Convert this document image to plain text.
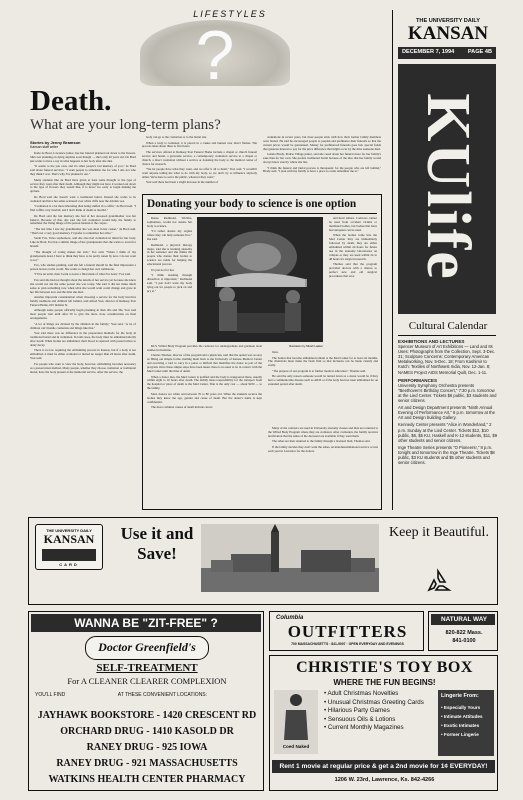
LIFESTYLES
?
Death.
What are your long-term plans?
Stories by Jenny Bramson
Kansan staff writer

Katie de Bord, Lawrence junior, has her funeral planned out down to the flowers. She's not planning on dying anytime soon though — she's only 20 years old. De Bord just wants to have a say in what happens to her body after she dies.

"It seems to me you own, and it's other people's last memory of you," de Bord said about funeral services. "I want people to remember me for who I am, not who they think I was. That's why I've planned it out."

Many students like de Bord have given at least some thought to the type of service they want after their death. Although they might not have it worked out down to the type of flowers they would like, it is never too early to begin making the options.

De Bord said she doesn't want a traditional burial. Instead she wants to be cremated and have her ashes scattered over white cliffs near the Atlantic sea.

"Cremation is a lot more liberating than being stuffed in a coffin," de Bord said. "I find coffins very morbid, and I don't think of death as morbid."

De Bord said the last memory she had of her deceased grandmother was her funeral. Because of this, she said she felt cremation would help the family to remember the living image of the person instead of the corpse.

"The last time I saw my grandmother she was dead in her casket," de Bord said. "That's not a very good memory. I'd prefer to remember her alive."

Sarah Fox, Tulsa sophomore, said she also had cremation in mind for her body. Like de Bord, Fox has a similar image of her grandparents that she wants to avoid for herself.

"The thought of voting makes me sick," Fox said. "When I think of my grandparents dead, I have to think they have to be pretty rotten by now. I do not want to rot."

Fox, who studies painting, said she felt a funeral should be the final impression a person leaves on the world. She wants to design her own tombstone.

"I'll be an artist, then I want to leave a final mark of what I've been," Fox said.

Fox said she had not thought about the details of her service yet because she knew she would not die the same person she was today. She said it did not make much sense to plan something now when what she would want could change and grow in her life between now and the time she died.

Another important consideration when choosing a service for the body involves family traditions and children left behind, said Alfred Yost, director of Rumsey-Yost Funeral Home, 601 Indiana St.

Although some people officially begin planning in their 20s and 30s, Yost said most people wait until after 50 to give the more close consideration on final arrangements.

"A lot of things are dictated by the children in the family," Yost said. "A lot of children can't handle cremation and things like that."

Yost said there was no difference in the preparation methods for the body in traditional burial and in cremation. In both cases, the body must be embalmed shortly after death. When bodies are embalmed, their blood is replaced with preservatives to delay decay.

There is no law requiring the embalming process in Kansas, but if a body is not embalmed, it must be either cremated or buried no longer than 24 hours after death, Yost said.

For people who want to view the body, however, embalming becomes necessary as a preservation method. Many people, whether they choose cremation or traditional burial, have the body present at the memorial service. After the service, the

body can go to the cremation or to the burial site.

When a body is cremated, it is placed in a casket and burned over direct flames. The process takes about three to five hours.

The services offered at Rumsey-Yost Funeral Home include a chapel or church funeral service and burial, a graveside service, a contemporary cremation service at a chapel or church, a direct cremation without a service or donating the body to the medical center of choice for research.

"We let people have what they want, and we offer it all to them," Yost said. "I wouldn't want anyone telling me what to do with my body, so we don't try to influence anybody either. We're here to serve the public, whatever they want."

Yost said there had been a slight increase in the number of

cremations in recent years, but most people stick with how their former family members were buried. He said he encouraged people to preplan and prefinance their funerals so that the current prices would be guaranteed. Money for prefinanced funerals goes into special funds that generate interest to pay for the price difference that might occur by the time someone died.

Joanna Brady, Prairie Village junior, said she cared about her funeral more for her family's sake than for her own. She prefers traditional burial because of the idea that her family would always know exactly where she lies.

"I think the funeral and burial process is therapeutic for the people who are left behind," Brady said. "I plan with my family to have a place to come remember me at."

Donating your body to science is one option

Renee Redmond, Wichita, sophomore, would not donate her body to science.

"I'd rather donate my organs where they can help someone live," she said.

Redmond, a physical therapy major, said she is learning anatomy in her semester and she thinks the people who donate their bodies to science are noble for helping the educational process.

It's just not for her.

"I think learning through dissection is important," Redmond said. "I just don't want my body lying out for people to pick on and pry at."

Illustration by Micah Laaker

and heart failure. Cadavers cannot be used from accident victims or mutilated bodies, but bodies that have had autopsies can be used.

When the bodies come into the Med Center they are immediately followed by death, they are either embalmed within 24 hours for future use in the anatomy laboratories on campus or they are used within 24 to 48 hours for surgical research.

Thomas said that the program provided doctors with a chance to perfect new and old surgical procedures that save

KU's Willed Body Program provides the cadavers for undergraduate and graduate level studies in medicine.

Charles Thomas, director of the program and a physician, said that the option was as easy as filling out simple forms, mailing them back to the University of Kansas Medical Center and receiving a card to carry in a purse or billfold that identifies the donor as part of the program. Once these simple steps have been taken, there is no need to be in contact with the Med Center until the time of death.

When a donor dies, the Med Center is notified and the body is transported there, usually within eight to 10 hours after death. The family takes responsibility for the transport from the hospital or place of death to the Med Center. That is the only cost — about $100 — to the family.

Most donors are white and between 70 to 80 years old. When the students receive the bodies they know the age, gender and cause of death. But the donor's name is kept confidential.

The most common causes of death include cancer

lives.

The bodies that become embalmed remain at the Med Center for at least six months. The chemicals must make the flesh firm so that incisions can be made cleanly and easily.

"The purpose of our program is to further medical education," Thomas said.

He said the only reason someone would be turned down as a donor would be if they had a communicable disease such as AIDS or if the body had not been embalmed for an extended period after death.

Many of the cadavers are used in University anatomy classes and then are returned to the Willed Body Program where they are cremated. After cremation, the family receives notification that the ashes of the deceased are available if they want them.

The ashes are then returned to the family through a licensed mail, Thomas said.

If the family decides they don't want the ashes, an interdenominational service occurs each year in Lawrence for the donors.

THE UNIVERSITY DAILY
KANSAN
DECEMBER 7, 1994 PAGE 4B
KUlife
Cultural Calendar
EXHIBITIONS AND LECTURES
Spencer Museum of Art Exhibitions — Land and Its Uses: Photographs from the Collection, Sept. 3-Dec. 31; Sculpture Concerns: Contemporary American Metalworking, Nov. 5-Dec. 18; From Kashimir to Kutch: Textiles of Northwest India, Nov. 12-Jan. 8; NAMES Project AIDS Memorial Quilt, Dec. 1-11.
PERFORMANCES
University Symphony Orchestra presents "Beethoven's Birthday Concert," 7:30 p.m. tomorrow at the Lied Center. Tickets $6 public, $3 students and senior citizens.
Art and Design Department presents "Ninth Annual Evening of Performance Art," 8 p.m. tomorrow at the Art and Design building Gallery.
Kennedy Center presents "Alice in Wonderland," 2 p.m. Sunday at the Lied Center. Tickets $12, $10 public, $6, $5 KU, Haskell and K-12 students, $11, $9 other students and senior citizens.
Inge Theatre Series presents "O Pioneers!," 8 p.m. tonight and tomorrow in the Inge Theatre. Tickets $8 public, $3 KU students and $5 other students and senior citizens.
THE UNIVERSITY DAILY
KANSAN
CARD
Use it and Save!
Keep it Beautiful.
WANNA BE "ZIT-FREE" ?
Doctor Greenfield's
SELF-TREATMENT
For A CLEANER CLEARER COMPLEXION
YOU'LL FIND	AT THESE CONVENIENT LOCATIONS:
JAYHAWK BOOKSTORE - 1420 CRESCENT RD
ORCHARD DRUG - 1410 KASOLD DR
RANEY DRUG - 925 IOWA
RANEY DRUG - 921 MASSACHUSETTS
WATKINS HEALTH CENTER PHARMACY
Columbia
OUTFITTERS
700 MASSACHUSETTS · 841-9007 · OPEN EVERYDAY AND EVENINGS
NATURAL WAY
820-822 Mass.
841-0100
CHRISTIE'S TOY BOX
WHERE THE FUN BEGINS!
Coed Naked
• Adult Christmas Novelties
• Unusual Christmas Greeting Cards
• Hilarious Party Games
• Sensuous Oils & Lotions
• Current Monthly Magazines
Lingerie From:
• Especially Yours
• Intimate Attitudes
• Exotic Intimates
• Former Lingerie
Rent 1 movie at regular price & get a 2nd movie for 1¢ EVERYDAY!
1206 W. 23rd, Lawrence, Ks. 842-4266
